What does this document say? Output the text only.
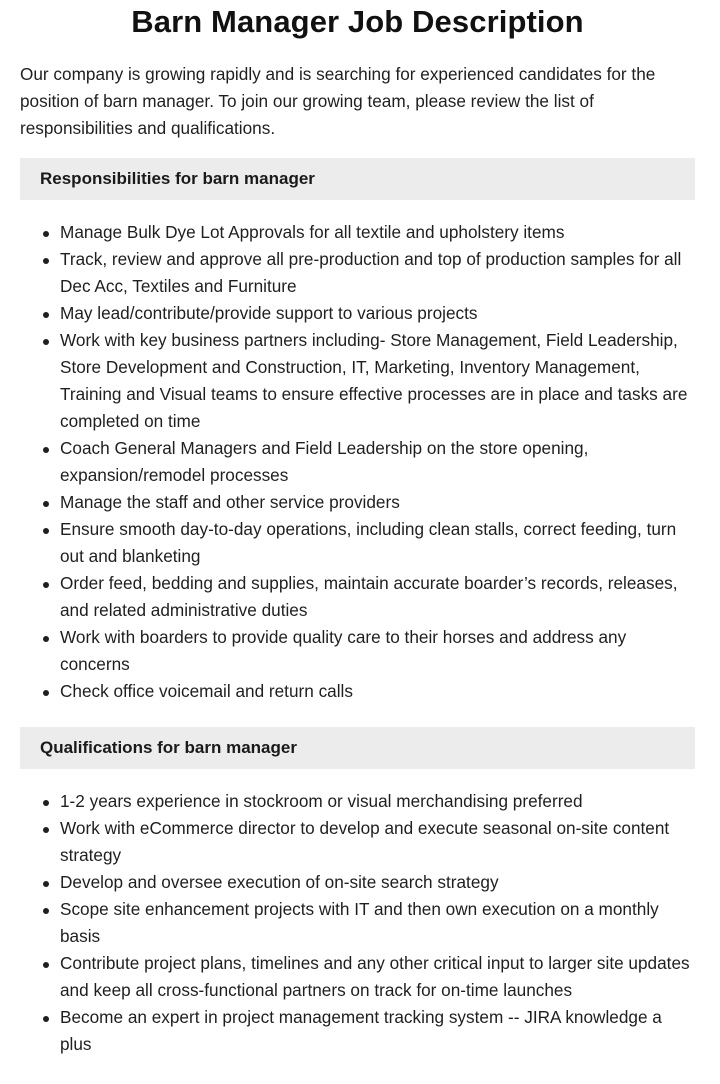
Barn Manager Job Description

Our company is growing rapidly and is searching for experienced candidates for the position of barn manager. To join our growing team, please review the list of responsibilities and qualifications.

Responsibilities for barn manager
Manage Bulk Dye Lot Approvals for all textile and upholstery items
Track, review and approve all pre-production and top of production samples for all Dec Acc, Textiles and Furniture
May lead/contribute/provide support to various projects
Work with key business partners including- Store Management, Field Leadership, Store Development and Construction, IT, Marketing, Inventory Management, Training and Visual teams to ensure effective processes are in place and tasks are completed on time
Coach General Managers and Field Leadership on the store opening, expansion/remodel processes
Manage the staff and other service providers
Ensure smooth day-to-day operations, including clean stalls, correct feeding, turn out and blanketing
Order feed, bedding and supplies, maintain accurate boarder’s records, releases, and related administrative duties
Work with boarders to provide quality care to their horses and address any concerns
Check office voicemail and return calls
Qualifications for barn manager
1-2 years experience in stockroom or visual merchandising preferred
Work with eCommerce director to develop and execute seasonal on-site content strategy
Develop and oversee execution of on-site search strategy
Scope site enhancement projects with IT and then own execution on a monthly basis
Contribute project plans, timelines and any other critical input to larger site updates and keep all cross-functional partners on track for on-time launches
Become an expert in project management tracking system -- JIRA knowledge a plus
